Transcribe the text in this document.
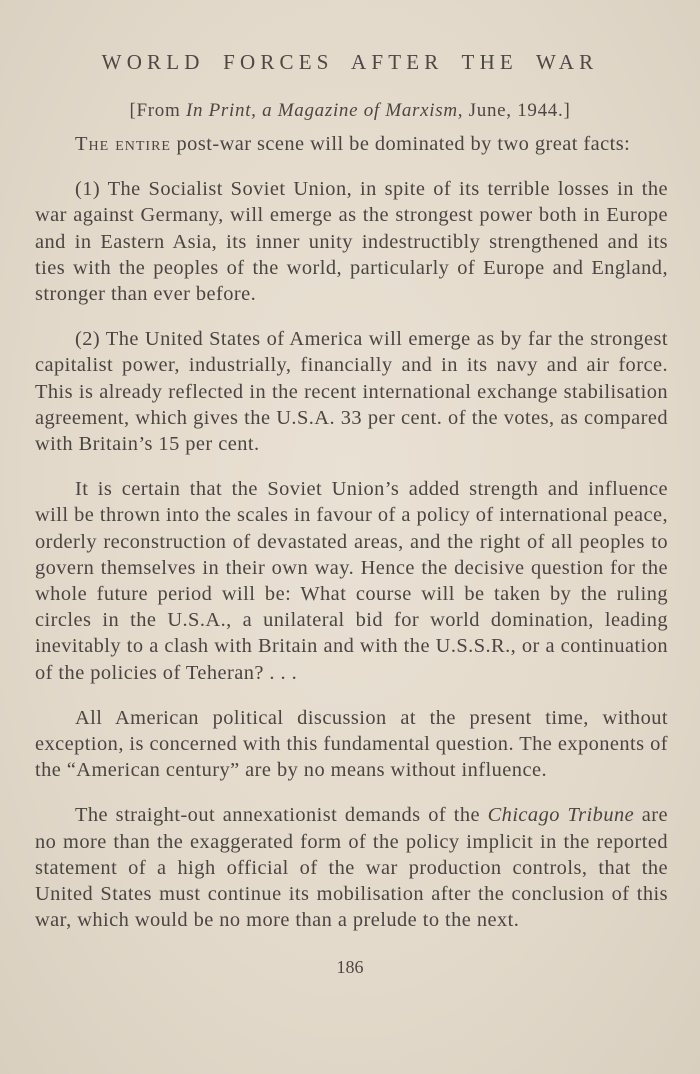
WORLD FORCES AFTER THE WAR
[From In Print, a Magazine of Marxism, June, 1944.]

The entire post-war scene will be dominated by two great facts:

(1) The Socialist Soviet Union, in spite of its terrible losses in the war against Germany, will emerge as the strongest power both in Europe and in Eastern Asia, its inner unity indestructibly strengthened and its ties with the peoples of the world, particularly of Europe and England, stronger than ever before.

(2) The United States of America will emerge as by far the strongest capitalist power, industrially, financially and in its navy and air force. This is already reflected in the recent international exchange stabilisation agreement, which gives the U.S.A. 33 per cent. of the votes, as compared with Britain’s 15 per cent.

It is certain that the Soviet Union’s added strength and influence will be thrown into the scales in favour of a policy of international peace, orderly reconstruction of devastated areas, and the right of all peoples to govern themselves in their own way. Hence the decisive question for the whole future period will be: What course will be taken by the ruling circles in the U.S.A., a unilateral bid for world domination, leading inevitably to a clash with Britain and with the U.S.S.R., or a continuation of the policies of Teheran? . . .

All American political discussion at the present time, without exception, is concerned with this fundamental question. The exponents of the “American century” are by no means without influence.

The straight-out annexationist demands of the Chicago Tribune are no more than the exaggerated form of the policy implicit in the reported statement of a high official of the war production controls, that the United States must continue its mobilisation after the conclusion of this war, which would be no more than a prelude to the next.

186
